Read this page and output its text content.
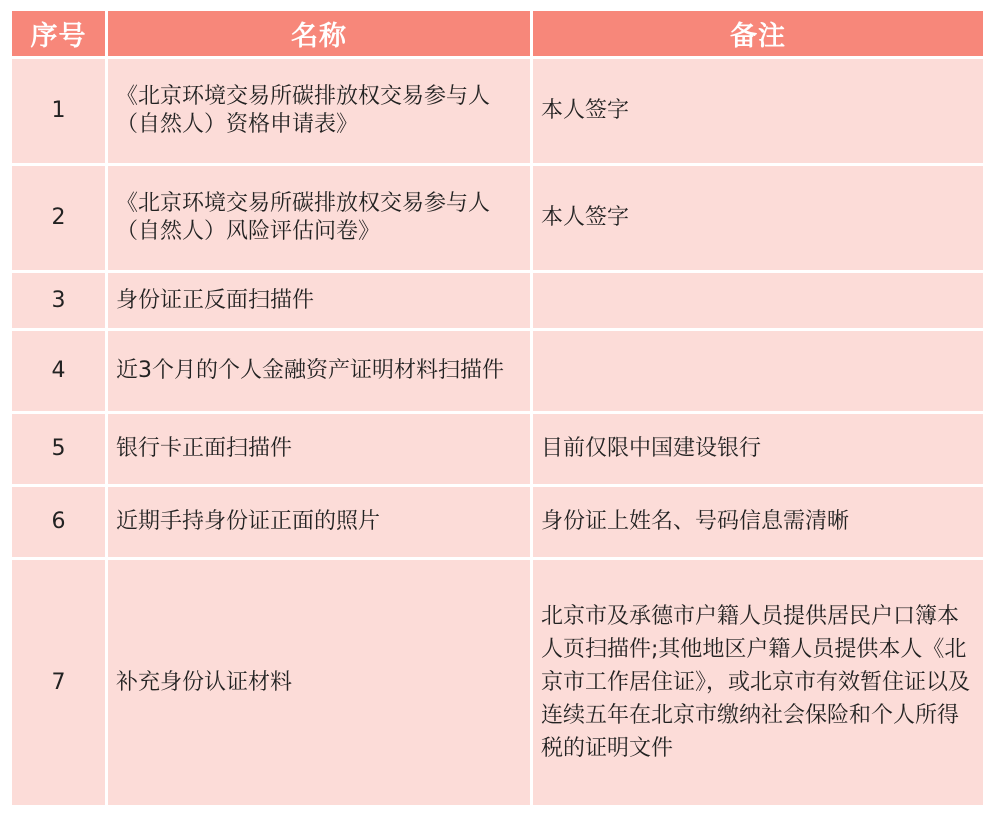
序号	名称	备注
1	《北京环境交易所碳排放权交易参与人（自然人）资格申请表》	本人签字
2	《北京环境交易所碳排放权交易参与人（自然人）风险评估问卷》	本人签字
3	身份证正反面扫描件	
4	近3个月的个人金融资产证明材料扫描件	
5	银行卡正面扫描件	目前仅限中国建设银行
6	近期手持身份证正面的照片	身份证上姓名、号码信息需清晰
7	补充身份认证材料	北京市及承德市户籍人员提供居民户口簿本人页扫描件;其他地区户籍人员提供本人《北京市工作居住证》，或北京市有效暂住证以及连续五年在北京市缴纳社会保险和个人所得税的证明文件
